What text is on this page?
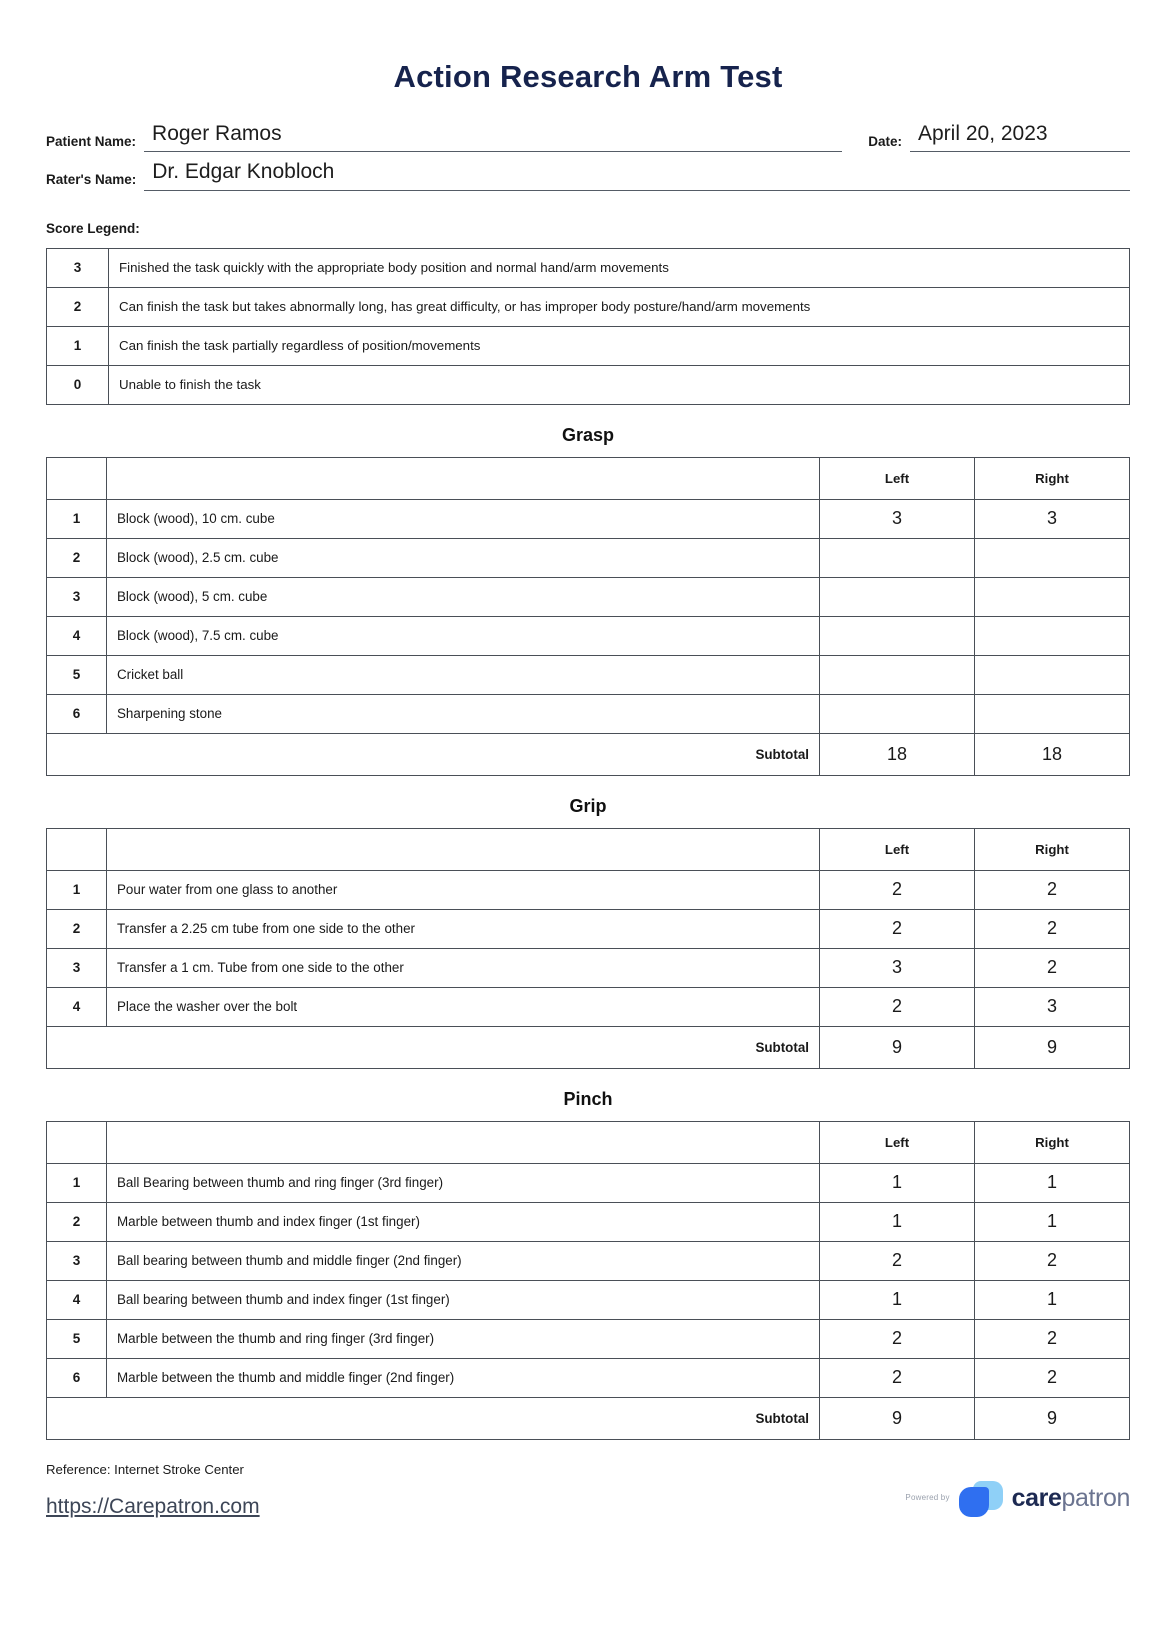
Action Research Arm Test
Patient Name: Roger Ramos	Date: April 20, 2023
Rater's Name: Dr. Edgar Knobloch
Score Legend:
3	Finished the task quickly with the appropriate body position and normal hand/arm movements
2	Can finish the task but takes abnormally long, has great difficulty, or has improper body posture/hand/arm movements
1	Can finish the task partially regardless of position/movements
0	Unable to finish the task
Grasp
		Left	Right
1	Block (wood), 10 cm. cube	3	3
2	Block (wood), 2.5 cm. cube		
3	Block (wood), 5 cm. cube		
4	Block (wood), 7.5 cm. cube		
5	Cricket ball		
6	Sharpening stone		
Subtotal		18	18
Grip
		Left	Right
1	Pour water from one glass to another	2	2
2	Transfer a 2.25 cm tube from one side to the other	2	2
3	Transfer a 1 cm. Tube from one side to the other	3	2
4	Place the washer over the bolt	2	3
Subtotal		9	9
Pinch
		Left	Right
1	Ball Bearing between thumb and ring finger (3rd finger)	1	1
2	Marble between thumb and index finger (1st finger)	1	1
3	Ball bearing between thumb and middle finger (2nd finger)	2	2
4	Ball bearing between thumb and index finger (1st finger)	1	1
5	Marble between the thumb and ring finger (3rd finger)	2	2
6	Marble between the thumb and middle finger (2nd finger)	2	2
Subtotal		9	9
Reference: Internet Stroke Center
https://Carepatron.com	Powered by carepatron
